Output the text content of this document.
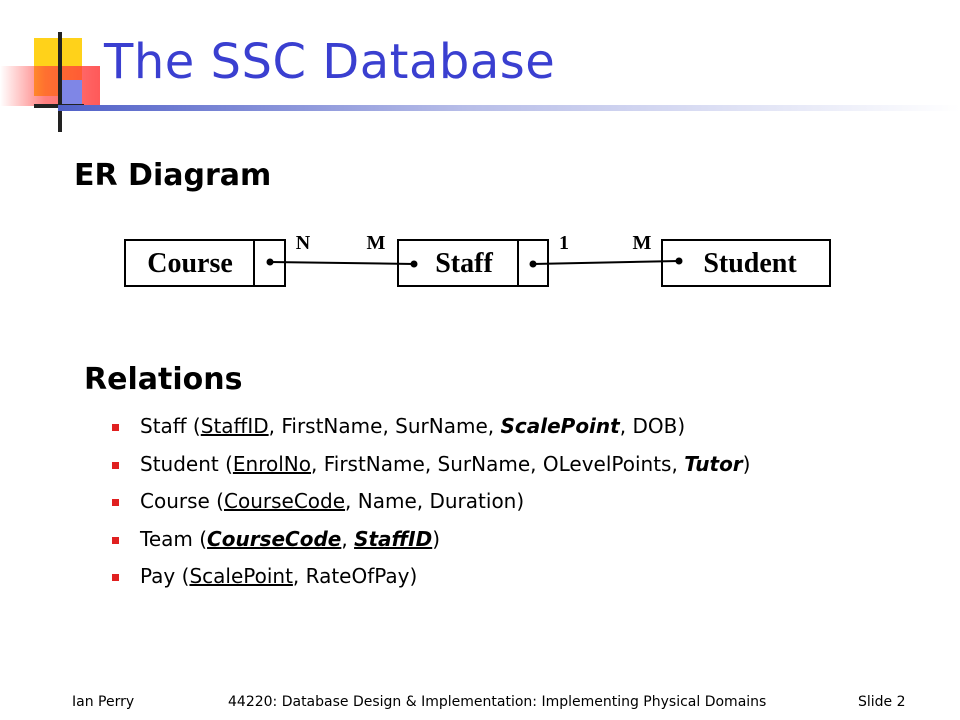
The SSC Database
ER Diagram
Course	Staff	Student
N	M	1	M
Relations
Staff (StaffID, FirstName, SurName, ScalePoint, DOB)
Student (EnrolNo, FirstName, SurName, OLevelPoints, Tutor)
Course (CourseCode, Name, Duration)
Team (CourseCode, StaffID)
Pay (ScalePoint, RateOfPay)
Ian Perry	44220: Database Design & Implementation: Implementing Physical Domains	Slide 2
